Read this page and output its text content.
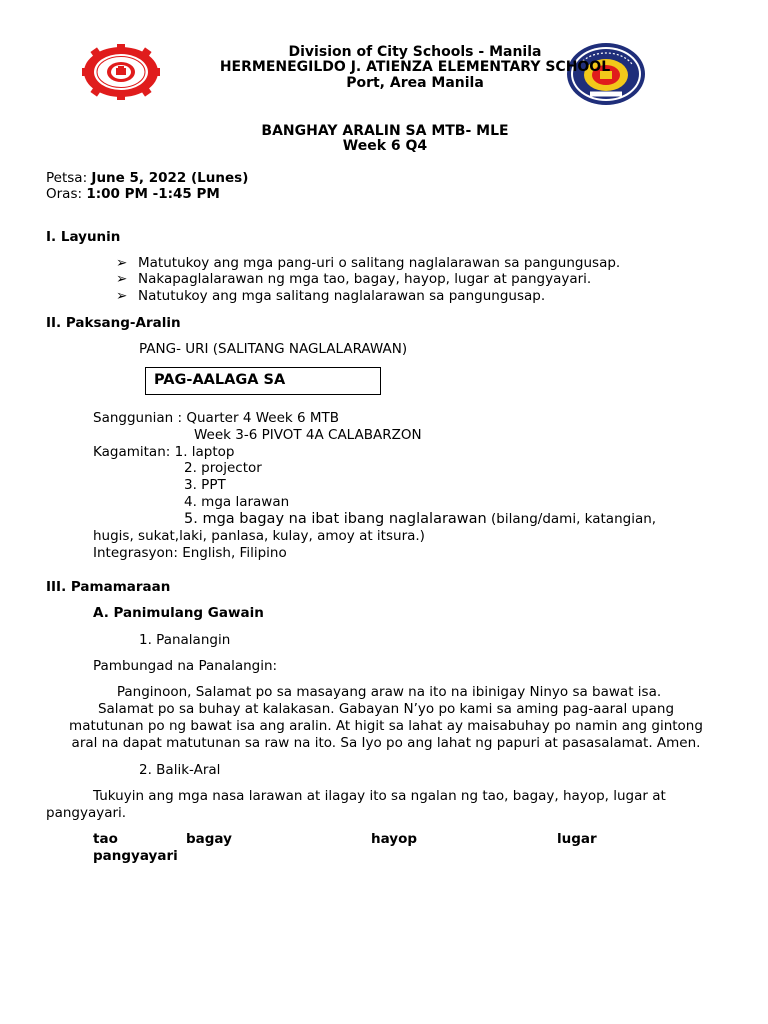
Division of City Schools - Manila
HERMENEGILDO J. ATIENZA ELEMENTARY SCHOOL
Port, Area Manila
BANGHAY ARALIN SA MTB- MLE
Week 6 Q4
Petsa: June 5, 2022 (Lunes)
Oras: 1:00 PM -1:45 PM
I. Layunin
➢ Matutukoy ang mga pang-uri o salitang naglalarawan sa pangungusap.
➢ Nakapaglalarawan ng mga tao, bagay, hayop, lugar at pangyayari.
➢ Natutukoy ang mga salitang naglalarawan sa pangungusap.
II. Paksang-Aralin
PANG- URI (SALITANG NAGLALARAWAN)
PAG-AALAGA SA
Sanggunian : Quarter 4 Week 6 MTB
Week 3-6 PIVOT 4A CALABARZON
Kagamitan: 1. laptop
2. projector
3. PPT
4. mga larawan
5. mga bagay na ibat ibang naglalarawan (bilang/dami, katangian,
hugis, sukat,laki, panlasa, kulay, amoy at itsura.)
Integrasyon: English, Filipino
III. Pamamaraan
A. Panimulang Gawain
1. Panalangin
Pambungad na Panalangin:
Panginoon, Salamat po sa masayang araw na ito na ibinigay Ninyo sa bawat isa.
Salamat po sa buhay at kalakasan. Gabayan N’yo po kami sa aming pag-aaral upang
matutunan po ng bawat isa ang aralin. At higit sa lahat ay maisabuhay po namin ang gintong
aral na dapat matutunan sa raw na ito. Sa Iyo po ang lahat ng papuri at pasasalamat. Amen.
2. Balik-Aral
Tukuyin ang mga nasa larawan at ilagay ito sa ngalan ng tao, bagay, hayop, lugar at
pangyayari.
tao	bagay	hayop	lugar
pangyayari
